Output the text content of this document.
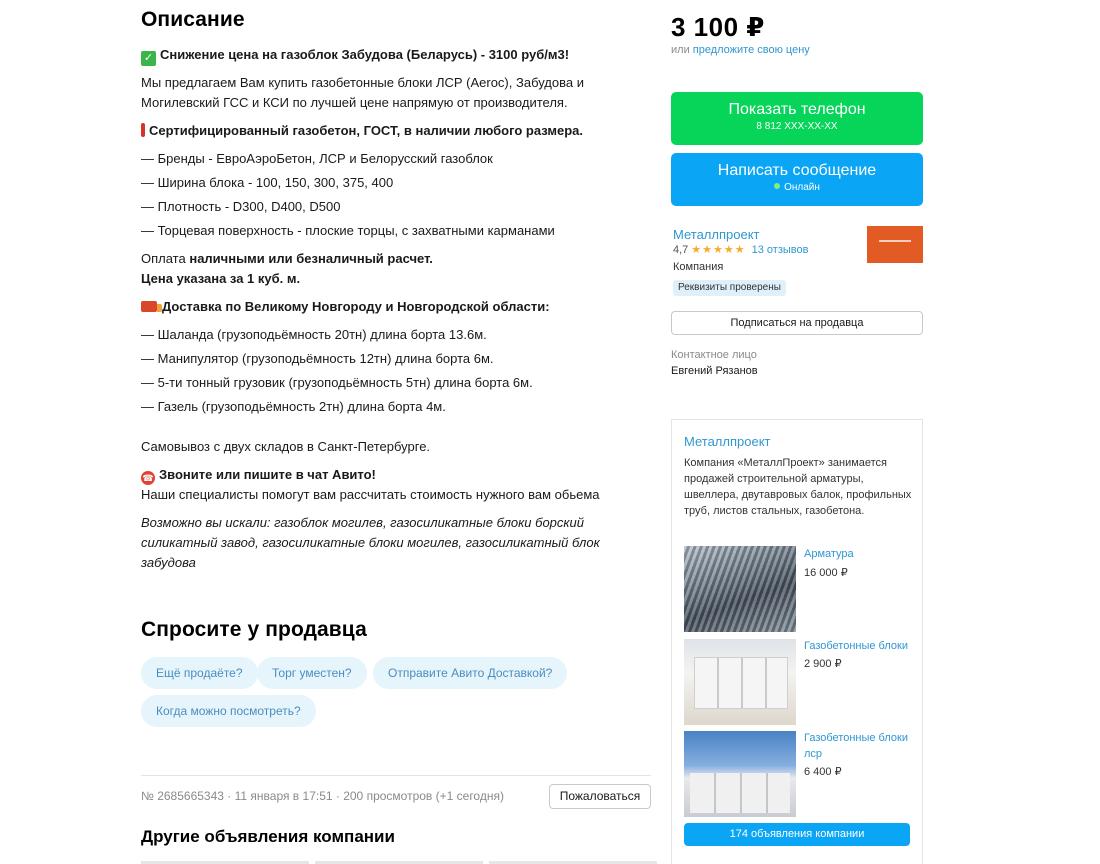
Описание
✓ Снижение цена на газоблок Забудова (Беларусь) - 3100 руб/м3!
Мы предлагаем Вам купить газобетонные блоки ЛСР (Aeroc), Забудова и Могилевский ГСС и КСИ по лучшей цене напрямую от производителя.
Сертифицированный газобетон, ГОСТ, в наличии любого размера.
— Бренды - ЕвроАэроБетон, ЛСР и Белорусский газоблок
— Ширина блока - 100, 150, 300, 375, 400
— Плотность - D300, D400, D500
— Торцевая поверхность - плоские торцы, с захватными карманами
Оплата наличными или безналичный расчет.
Цена указана за 1 куб. м.
Доставка по Великому Новгороду и Новгородской области:
— Шаланда (грузоподьёмность 20тн) длина борта 13.6м.
— Манипулятор (грузоподьёмность 12тн) длина борта 6м.
— 5-ти тонный грузовик (грузоподьёмность 5тн) длина борта 6м.
— Газель (грузоподьёмность 2тн) длина борта 4м.
Самовывоз с двух складов в Санкт-Петербурге.
☎ Звоните или пишите в чат Авито!
Наши специалисты помогут вам рассчитать стоимость нужного вам обьема
Возможно вы искали: газоблок могилев, газосиликатные блоки борский силикатный завод, газосиликатные блоки могилев, газосиликатный блок забудова
Спросите у продавца
Ещё продаёте?	Торг уместен?	Отправите Авито Доставкой?
Когда можно посмотреть?
№ 2685665343 · 11 января в 17:51 · 200 просмотров (+1 сегодня)	Пожаловаться
Другие объявления компании
3 100 ₽
или предложите свою цену
Показать телефон
8 812 XXX-XX-XX
Написать сообщение
Онлайн
Металлпроект
4,7 ★★★★★ 13 отзывов
Компания
Реквизиты проверены
Подписаться на продавца
Контактное лицо
Евгений Рязанов
Металлпроект
Компания «МеталлПроект» занимается продажей строительной арматуры, швеллера, двутавровых балок, профильных труб, листов стальных, газобетона.
Арматура
16 000 ₽
Газобетонные блоки
2 900 ₽
Газобетонные блоки лср
6 400 ₽
174 объявления компании
